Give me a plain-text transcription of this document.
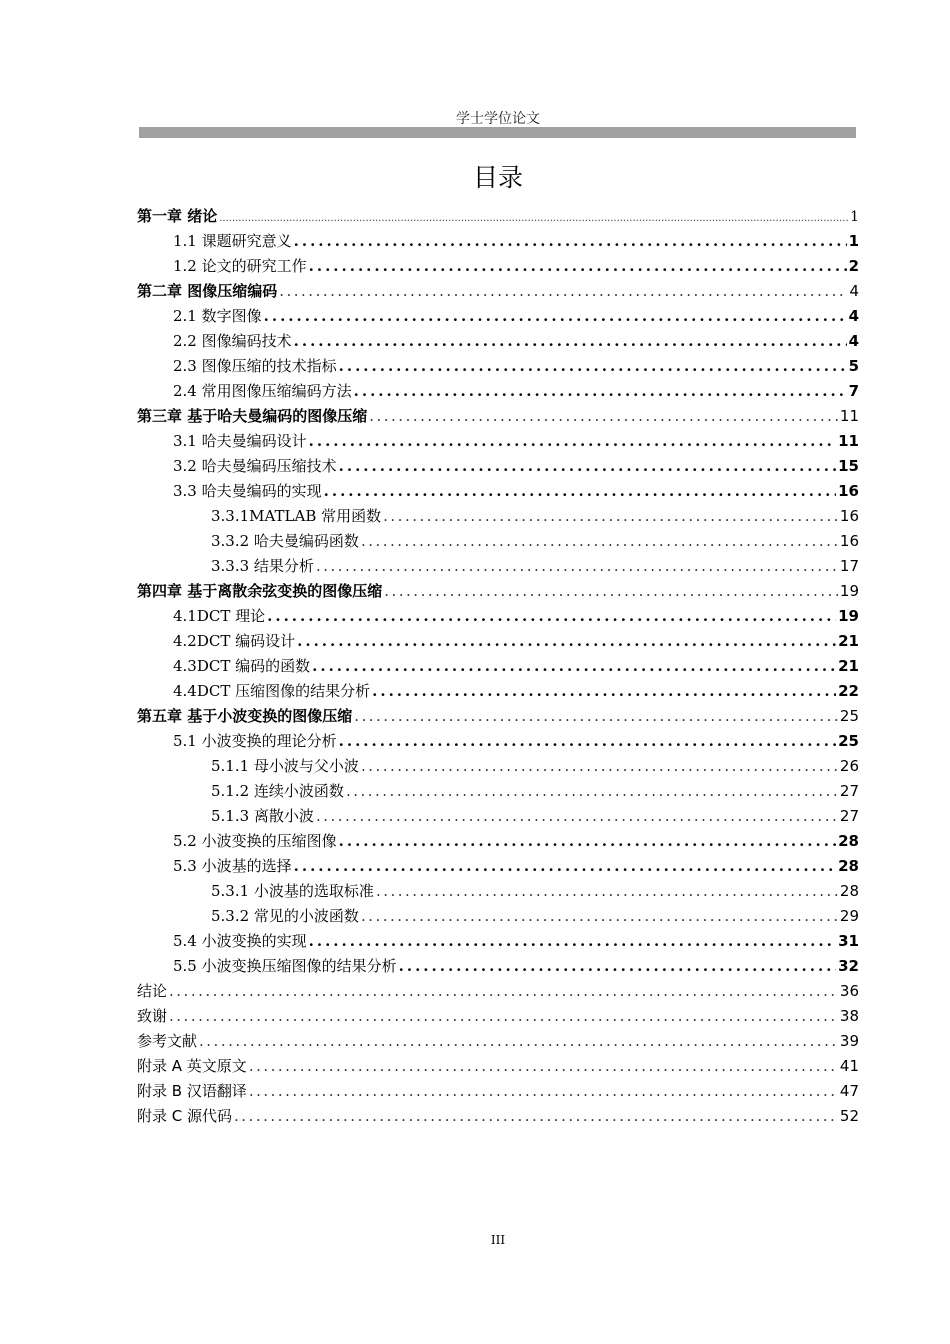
学士学位论文
目录
第一章 绪论 .....	1
1.1 课题研究意义 .....	1
1.2 论文的研究工作 .....	2
第二章 图像压缩编码 .....	4
2.1 数字图像 .....	4
2.2 图像编码技术 .....	4
2.3 图像压缩的技术指标 .....	5
2.4 常用图像压缩编码方法 .....	7
第三章 基于哈夫曼编码的图像压缩 .....	11
3.1 哈夫曼编码设计 .....	11
3.2 哈夫曼编码压缩技术 .....	15
3.3 哈夫曼编码的实现 .....	16
3.3.1MATLAB 常用函数 .....	16
3.3.2 哈夫曼编码函数 .....	16
3.3.3 结果分析 .....	17
第四章 基于离散余弦变换的图像压缩 .....	19
4.1DCT 理论 .....	19
4.2DCT 编码设计 .....	21
4.3DCT 编码的函数 .....	21
4.4DCT 压缩图像的结果分析 .....	22
第五章 基于小波变换的图像压缩 .....	25
5.1 小波变换的理论分析 .....	25
5.1.1 母小波与父小波 .....	26
5.1.2 连续小波函数 .....	27
5.1.3 离散小波 .....	27
5.2 小波变换的压缩图像 .....	28
5.3 小波基的选择 .....	28
5.3.1 小波基的选取标准 .....	28
5.3.2 常见的小波函数 .....	29
5.4 小波变换的实现 .....	31
5.5 小波变换压缩图像的结果分析 .....	32
结论 .....	36
致谢 .....	38
参考文献 .....	39
附录 A 英文原文 .....	41
附录 B 汉语翻译 .....	47
附录 C 源代码 .....	52
III
